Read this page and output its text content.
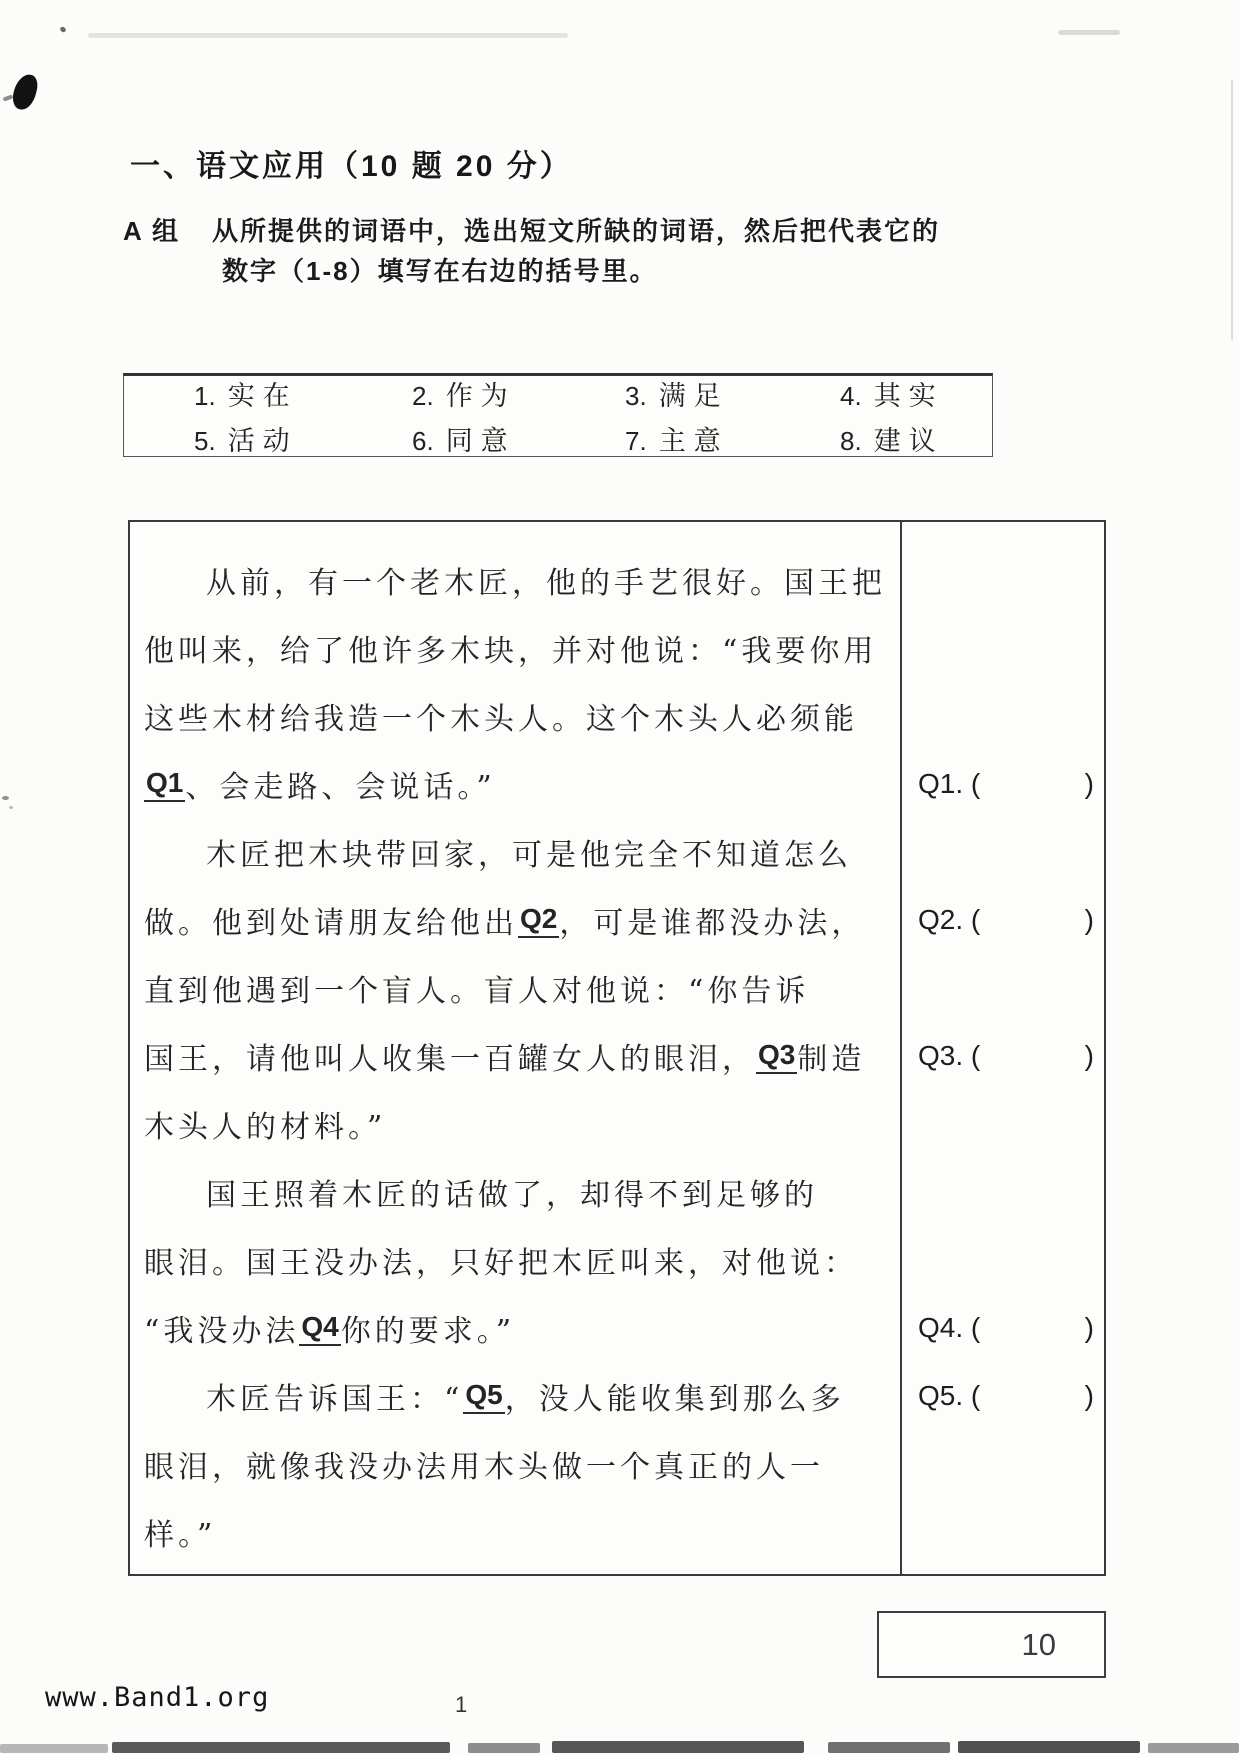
一、语文应用（10 题 20 分）
A 组 从所提供的词语中，选出短文所缺的词语，然后把代表它的
数字（1-8）填写在右边的括号里。
1. 实在	2. 作为	3. 满足	4. 其实
5. 活动	6. 同意	7. 主意	8. 建议
从前，有一个老木匠，他的手艺很好。国王把
他叫来，给了他许多木块，并对他说：“我要你用
这些木材给我造一个木头人。这个木头人必须能
Q1 、会走路、会说话。”
木匠把木块带回家，可是他完全不知道怎么
做。他到处请朋友给他出 Q2 ，可是谁都没办法，
直到他遇到一个盲人。盲人对他说：“你告诉
国王，请他叫人收集一百罐女人的眼泪， Q3 制造
木头人的材料。”
国王照着木匠的话做了，却得不到足够的
眼泪。国王没办法，只好把木匠叫来，对他说：
“我没办法 Q4 你的要求。”
木匠告诉国王：“ Q5 ，没人能收集到那么多
眼泪，就像我没办法用木头做一个真正的人一
样。”
Q1. (	)
Q2. (	)
Q3. (	)
Q4. (	)
Q5. (	)
10
www.Band1.org	1
